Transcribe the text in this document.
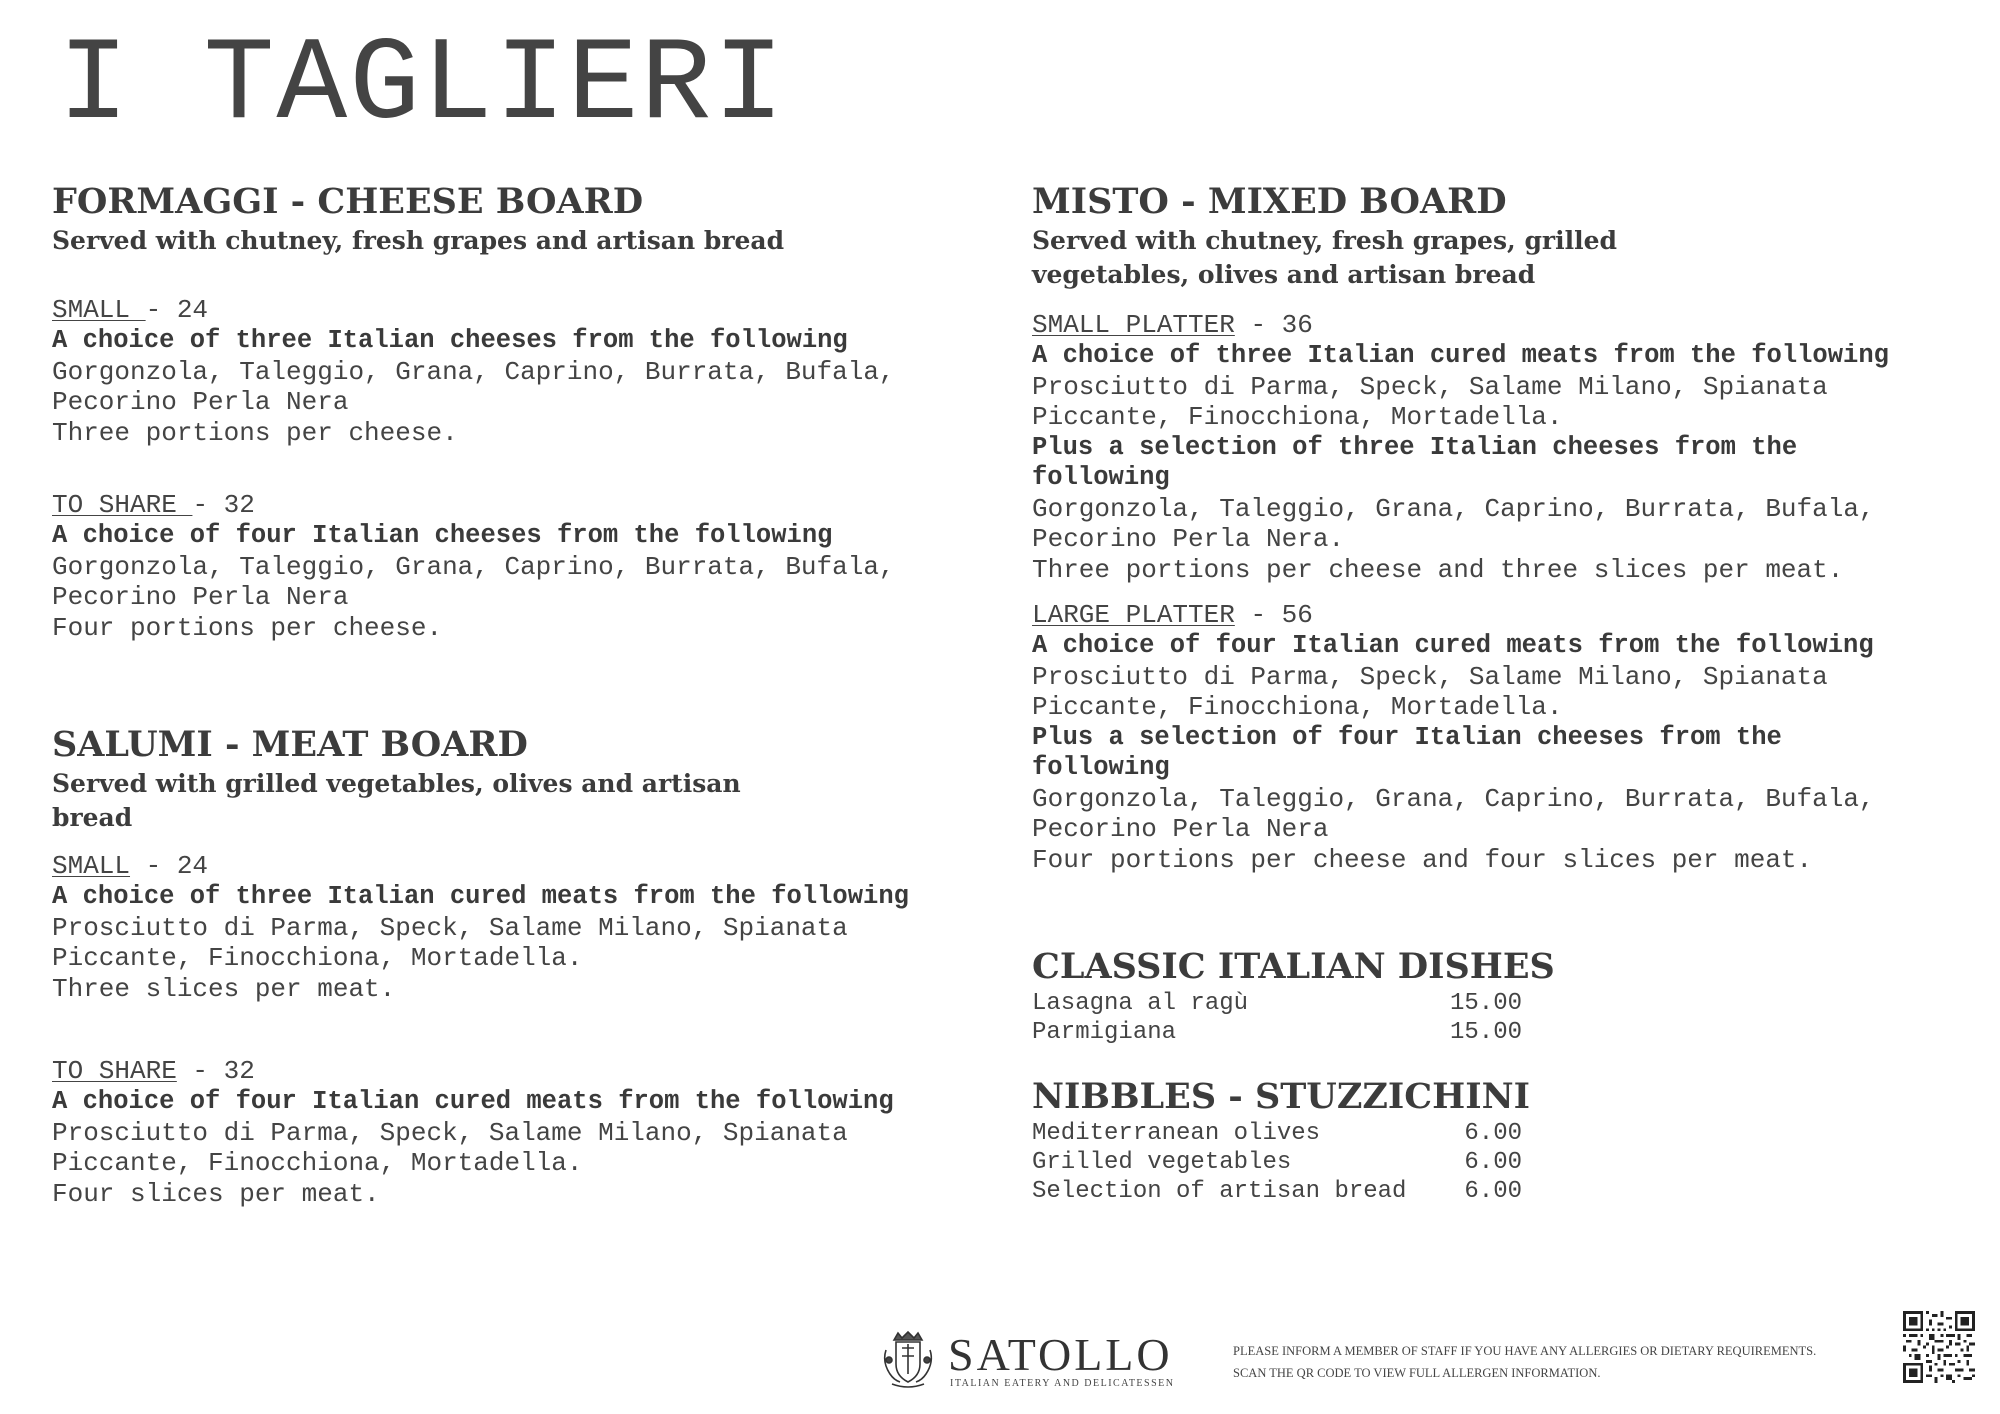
I TAGLIERI
FORMAGGI - CHEESE BOARD
Served with chutney, fresh grapes and artisan bread
SMALL - 24
A choice of three Italian cheeses from the following
Gorgonzola, Taleggio, Grana, Caprino, Burrata, Bufala,
Pecorino Perla Nera
Three portions per cheese.
TO SHARE - 32
A choice of four Italian cheeses from the following
Gorgonzola, Taleggio, Grana, Caprino, Burrata, Bufala,
Pecorino Perla Nera
Four portions per cheese.
SALUMI - MEAT BOARD
Served with grilled vegetables, olives and artisan
bread
SMALL - 24
A choice of three Italian cured meats from the following
Prosciutto di Parma, Speck, Salame Milano, Spianata
Piccante, Finocchiona, Mortadella.
Three slices per meat.
TO SHARE - 32
A choice of four Italian cured meats from the following
Prosciutto di Parma, Speck, Salame Milano, Spianata
Piccante, Finocchiona, Mortadella.
Four slices per meat.
MISTO - MIXED BOARD
Served with chutney, fresh grapes, grilled
vegetables, olives and artisan bread
SMALL PLATTER - 36
A choice of three Italian cured meats from the following
Prosciutto di Parma, Speck, Salame Milano, Spianata
Piccante, Finocchiona, Mortadella.
Plus a selection of three Italian cheeses from the
following
Gorgonzola, Taleggio, Grana, Caprino, Burrata, Bufala,
Pecorino Perla Nera.
Three portions per cheese and three slices per meat.
LARGE PLATTER - 56
A choice of four Italian cured meats from the following
Prosciutto di Parma, Speck, Salame Milano, Spianata
Piccante, Finocchiona, Mortadella.
Plus a selection of four Italian cheeses from the
following
Gorgonzola, Taleggio, Grana, Caprino, Burrata, Bufala,
Pecorino Perla Nera
Four portions per cheese and four slices per meat.
CLASSIC ITALIAN DISHES
Lasagna al ragù	15.00
Parmigiana	15.00
NIBBLES - STUZZICHINI
Mediterranean olives	6.00
Grilled vegetables	6.00
Selection of artisan bread	6.00
SATOLLO
ITALIAN EATERY AND DELICATESSEN
PLEASE INFORM A MEMBER OF STAFF IF YOU HAVE ANY ALLERGIES OR DIETARY REQUIREMENTS.
SCAN THE QR CODE TO VIEW FULL ALLERGEN INFORMATION.
